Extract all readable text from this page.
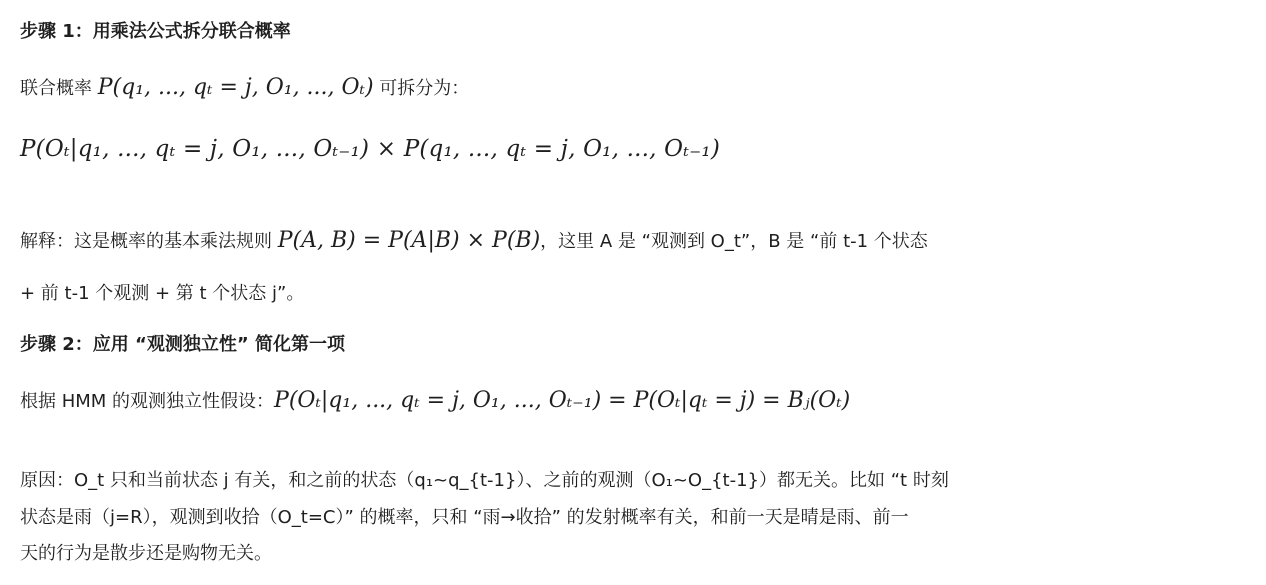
步骤 1：用乘法公式拆分联合概率
联合概率 P(q₁, ..., qₜ = j, O₁, ..., Oₜ) 可拆分为：
P(Oₜ|q₁, ..., qₜ = j, O₁, ..., Oₜ₋₁) × P(q₁, ..., qₜ = j, O₁, ..., Oₜ₋₁)
解释：这是概率的基本乘法规则 P(A, B) = P(A|B) × P(B)，这里 A 是 “观测到 O_t”，B 是 “前 t-1 个状态
+ 前 t-1 个观测 + 第 t 个状态 j”。
步骤 2：应用 “观测独立性” 简化第一项
根据 HMM 的观测独立性假设：P(Oₜ|q₁, ..., qₜ = j, O₁, ..., Oₜ₋₁) = P(Oₜ|qₜ = j) = Bⱼ(Oₜ)
原因：O_t 只和当前状态 j 有关，和之前的状态（q₁~q_{t-1}）、之前的观测（O₁~O_{t-1}）都无关。比如 “t 时刻
状态是雨（j=R），观测到收拾（O_t=C）” 的概率，只和 “雨→收拾” 的发射概率有关，和前一天是晴是雨、前一
天的行为是散步还是购物无关。
